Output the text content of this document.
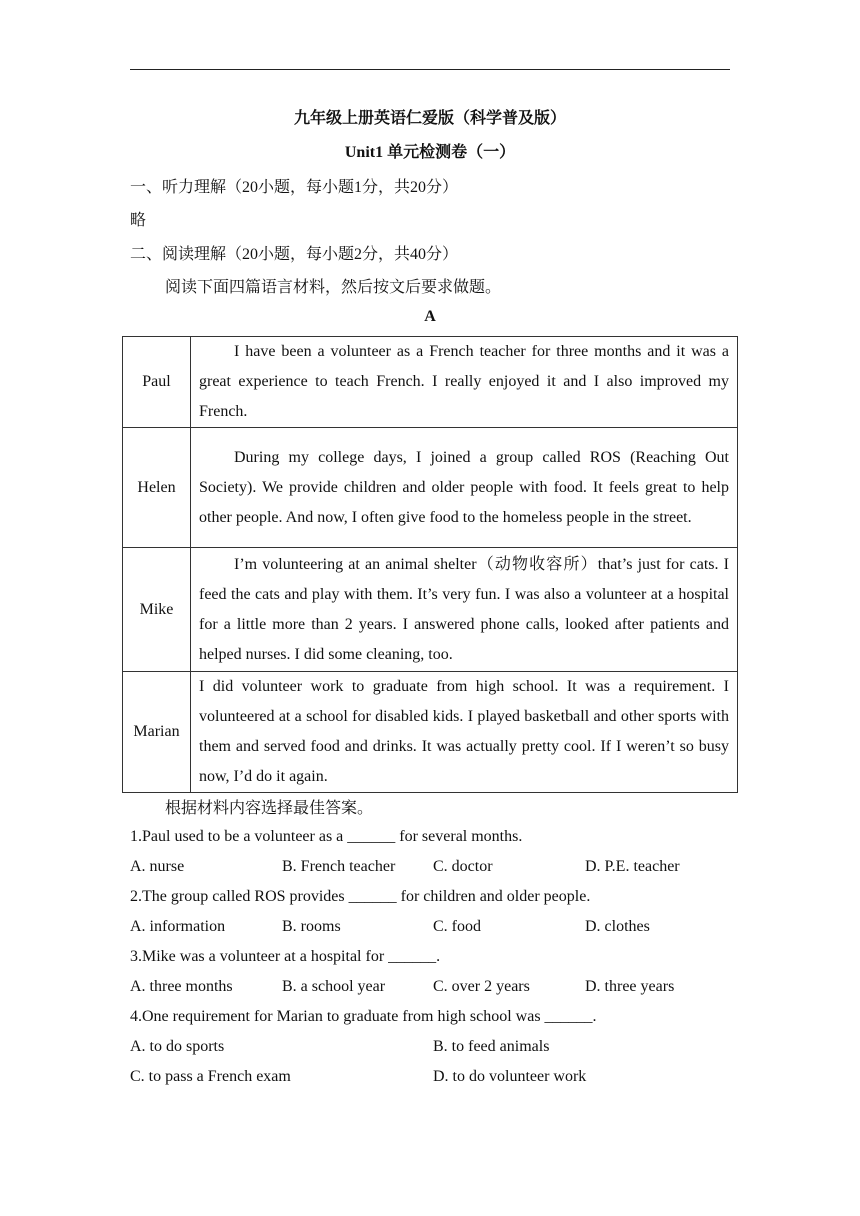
九年级上册英语仁爱版（科学普及版）
Unit1 单元检测卷（一）
一、听力理解（20小题，每小题1分，共20分）
略
二、阅读理解（20小题，每小题2分，共40分）
阅读下面四篇语言材料，然后按文后要求做题。
A
Paul	I have been a volunteer as a French teacher for three months and it was a great experience to teach French. I really enjoyed it and I also improved my French.

Helen	During my college days, I joined a group called ROS (Reaching Out Society). We provide children and older people with food. It feels great to help other people. And now, I often give food to the homeless people in the street.

Mike	I’m volunteering at an animal shelter（动物收容所）that’s just for cats. I feed the cats and play with them. It’s very fun. I was also a volunteer at a hospital for a little more than 2 years. I answered phone calls, looked after patients and helped nurses. I did some cleaning, too.

Marian	I did volunteer work to graduate from high school. It was a requirement. I volunteered at a school for disabled kids. I played basketball and other sports with them and served food and drinks. It was actually pretty cool. If I weren’t so busy now, I’d do it again.
根据材料内容选择最佳答案。
1.Paul used to be a volunteer as a ______ for several months.
A. nurse	B. French teacher C. doctor	D. P.E. teacher
2.The group called ROS provides ______ for children and older people.
A. information	B. rooms	C. food	D. clothes
3.Mike was a volunteer at a hospital for ______.
A. three months	B. a school year	C. over 2 years	D. three years
4.One requirement for Marian to graduate from high school was ______.
A. to do sports	B. to feed animals
C. to pass a French exam	D. to do volunteer work
